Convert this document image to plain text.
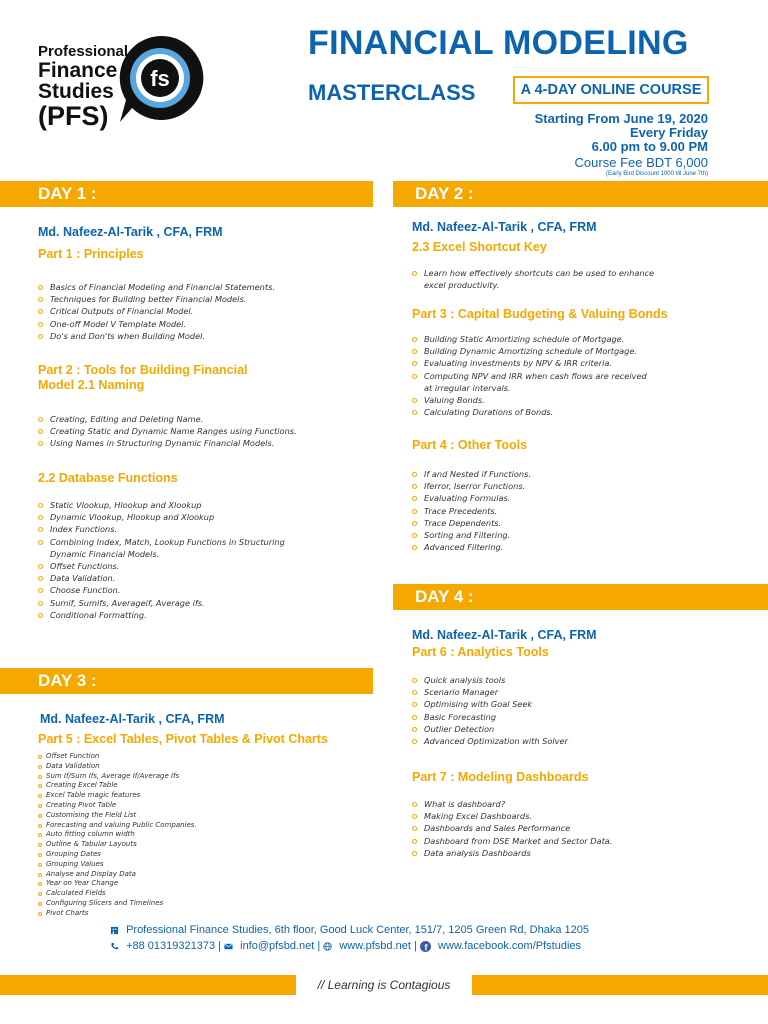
Professional
Finance
Studies
(PFS)
fs
FINANCIAL MODELING
MASTERCLASS	A 4-DAY ONLINE COURSE
Starting From June 19, 2020
Every Friday
6.00 pm to 9.00 PM
Course Fee BDT 6,000
(Early Bird Discount 1000 till June 7th)
DAY 1 :	DAY 2 :
DAY 3 :
DAY 4 :
Md. Nafeez-Al-Tarik , CFA, FRM
Part 1 : Principles
Basics of Financial Modeling and Financial Statements.
Techniques for Building better Financial Models.
Critical Outputs of Financial Model.
One-off Model V Template Model.
Do's and Don'ts when Building Model.
Part 2 : Tools for Building Financial
Model 2.1 Naming
Creating, Editing and Deleting Name.
Creating Static and Dynamic Name Ranges using Functions.
Using Names in Structuring Dynamic Financial Models.
2.2 Database Functions
Static Vlookup, Hlookup and Xlookup
Dynamic Vlookup, Hlookup and Xlookup
Index Functions.
Combining Index, Match, Lookup Functions in Structuring Dynamic Financial Models.
Offset Functions.
Data Validation.
Choose Function.
Sumif, Sumifs, Averageif, Average ifs.
Conditional Formatting.
Md. Nafeez-Al-Tarik , CFA, FRM
2.3 Excel Shortcut Key
Learn how effectively shortcuts can be used to enhance excel productivity.
Part 3 : Capital Budgeting & Valuing Bonds
Building Static Amortizing schedule of Mortgage.
Building Dynamic Amortizing schedule of Mortgage.
Evaluating investments by NPV & IRR criteria.
Computing NPV and IRR when cash flows are received at irregular intervals.
Valuing Bonds.
Calculating Durations of Bonds.
Part 4 : Other Tools
If and Nested if Functions.
Iferror, Iserror Functions.
Evaluating Formulas.
Trace Precedents.
Trace Dependents.
Sorting and Filtering.
Advanced Filtering.
Md. Nafeez-Al-Tarik , CFA, FRM
Part 6 : Analytics Tools
Quick analysis tools
Scenario Manager
Optimising with Goal Seek
Basic Forecasting
Outlier Detection
Advanced Optimization with Solver
Part 7 : Modeling Dashboards
What is dashboard?
Making Excel Dashboards.
Dashboards and Sales Performance
Dashboard from DSE Market and Sector Data.
Data analysis Dashboards
Md. Nafeez-Al-Tarik , CFA, FRM
Part 5 : Excel Tables, Pivot Tables & Pivot Charts
Offset Function
Data Validation
Sum If/Sum Ifs, Average If/Average Ifs
Creating Excel Table
Excel Table magic features
Creating Pivot Table
Customising the Field List
Forecasting and valuing Public Companies.
Auto fitting column width
Outline & Tabular Layouts
Grouping Dates
Grouping Values
Analyse and Display Data
Year on Year Change
Calculated Fields
Configuring Slicers and Timelines
Pivot Charts
Professional Finance Studies, 6th floor, Good Luck Center, 151/7, 1205 Green Rd, Dhaka 1205
+88 01319321373 | info@pfsbd.net | www.pfsbd.net | f www.facebook.com/Pfstudies
// Learning is Contagious
